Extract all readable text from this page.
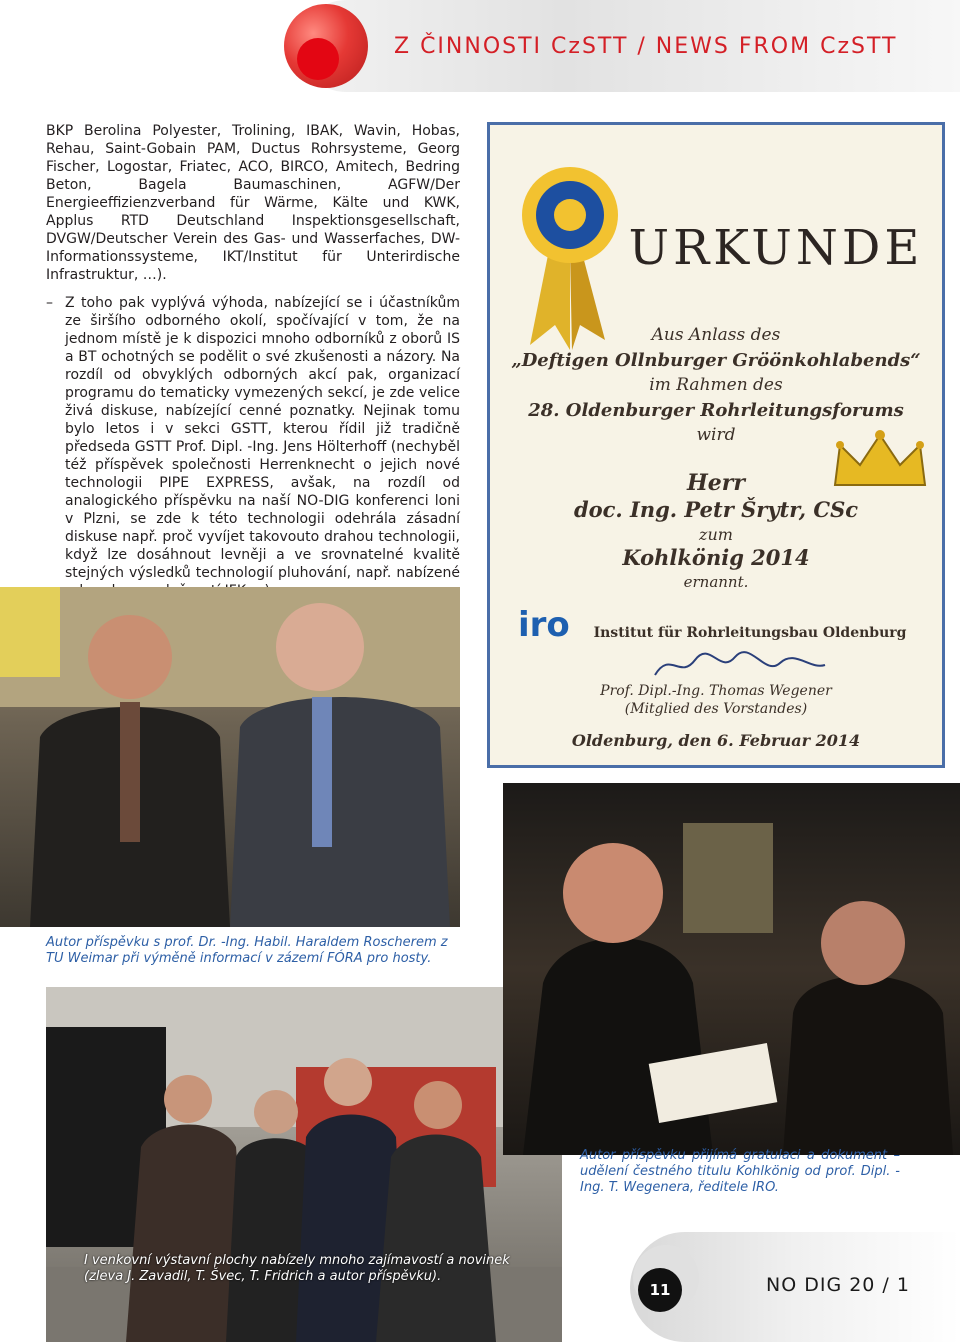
Z ČINNOSTI CzSTT / NEWS FROM CzSTT

BKP Berolina Polyester, Trolining, IBAK, Wavin, Hobas, Rehau, Saint-Gobain PAM, Ductus Rohrsysteme, Georg Fischer, Logostar, Friatec, ACO, BIRCO, Amitech, Bedring Beton, Bagela Baumaschinen, AGFW/Der Energieeffizienzverband für Wärme, Kälte und KWK, Applus RTD Deutschland Inspektionsgesellschaft, DVGW/Deutscher Verein des Gas- und Wasserfaches, DW-Informationssysteme, IKT/Institut für Unterirdische Infrastruktur, …).

– Z toho pak vyplývá výhoda, nabízející se i účastníkům ze širšího odborného okolí, spočívající v tom, že na jednom místě je k dispozici mnoho odborníků z oborů IS a BT ochotných se podělit o své zkušenosti a názory. Na rozdíl od obvyklých odborných akcí pak, organizací programu do tematicky vymezených sekcí, je zde velice živá diskuse, nabízející cenné poznatky. Nejinak tomu bylo letos i v sekci GSTT, kterou řídil již tradičně předseda GSTT Prof. Dipl. -Ing. Jens Hölterhoff (nechyběl též příspěvek společnosti Herrenknecht o jejich nové technologii PIPE EXPRESS, avšak, na rozdíl od analogického příspěvku na naší NO-DIG konferenci loni v Plzni, se zde k této technologii odehrála zásadní diskuse např. proč vyvíjet takovouto drahou technologii, když lze dosáhnout levněji a ve srovnatelné kvalitě stejných výsledků technologií pluhování, např. nabízené

URKUNDE
Aus Anlass des
„Deftigen Ollnburger Gröönkohlabends“
im Rahmen des
28. Oldenburger Rohrleitungsforums
wird
Herr
doc. Ing. Petr Šrytr, CSc
zum
Kohlkönig 2014
ernannt.
iro	Institut für Rohrleitungsbau Oldenburg
Prof. Dipl.-Ing. Thomas Wegener
(Mitglied des Vorstandes)
Oldenburg, den 6. Februar 2014
Autor příspěvku s prof. Dr. -Ing. Habil. Haraldem Roscherem z TU Weimar při výměně informací v zázemí FÓRA pro hosty.
I venkovní výstavní plochy nabízely mnoho zajímavostí a novinek (zleva J. Zavadil, T. Švec, T. Fridrich a autor příspěvku).
Autor příspěvku přijímá gratulaci a dokument – udělení čestného titulu Kohlkönig od prof. Dipl. -Ing. T. Wegenera, ředitele IRO.
11	NO DIG 20 / 1
